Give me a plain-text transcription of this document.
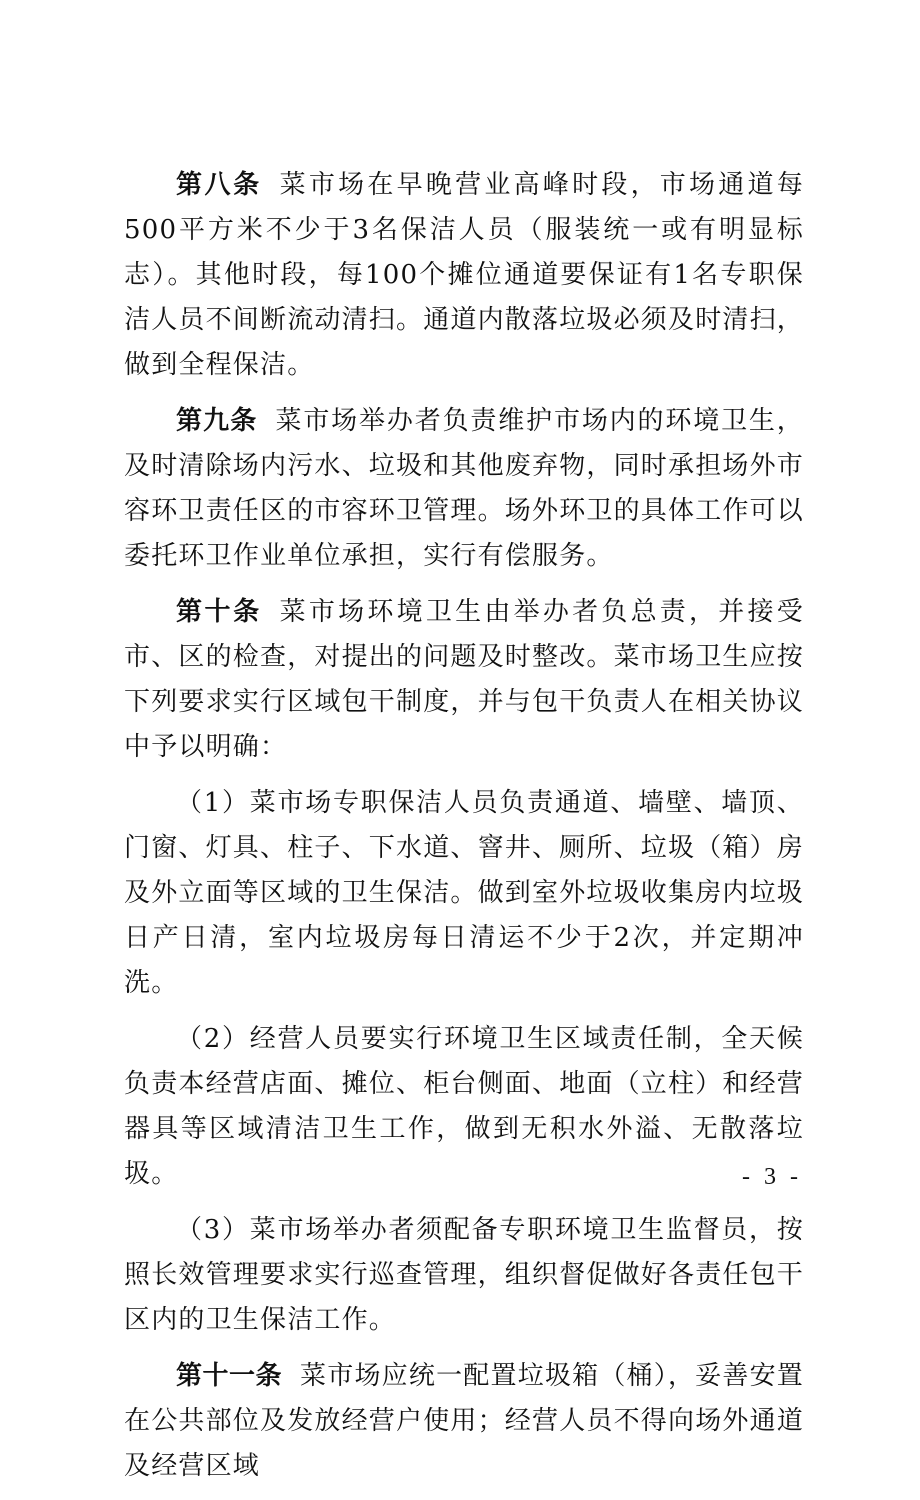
第八条 菜市场在早晚营业高峰时段，市场通道每500平方米不少于3名保洁人员（服装统一或有明显标志）。其他时段，每100个摊位通道要保证有1名专职保洁人员不间断流动清扫。通道内散落垃圾必须及时清扫，做到全程保洁。

第九条 菜市场举办者负责维护市场内的环境卫生，及时清除场内污水、垃圾和其他废弃物，同时承担场外市容环卫责任区的市容环卫管理。场外环卫的具体工作可以委托环卫作业单位承担，实行有偿服务。

第十条 菜市场环境卫生由举办者负总责，并接受市、区的检查，对提出的问题及时整改。菜市场卫生应按下列要求实行区域包干制度，并与包干负责人在相关协议中予以明确：

（1）菜市场专职保洁人员负责通道、墙壁、墙顶、门窗、灯具、柱子、下水道、窨井、厕所、垃圾（箱）房及外立面等区域的卫生保洁。做到室外垃圾收集房内垃圾日产日清，室内垃圾房每日清运不少于2次，并定期冲洗。

（2）经营人员要实行环境卫生区域责任制，全天候负责本经营店面、摊位、柜台侧面、地面（立柱）和经营器具等区域清洁卫生工作，做到无积水外溢、无散落垃圾。

（3）菜市场举办者须配备专职环境卫生监督员，按照长效管理要求实行巡查管理，组织督促做好各责任包干区内的卫生保洁工作。

第十一条 菜市场应统一配置垃圾箱（桶），妥善安置在公共部位及发放经营户使用；经营人员不得向场外通道及经营区域

- 3 -
